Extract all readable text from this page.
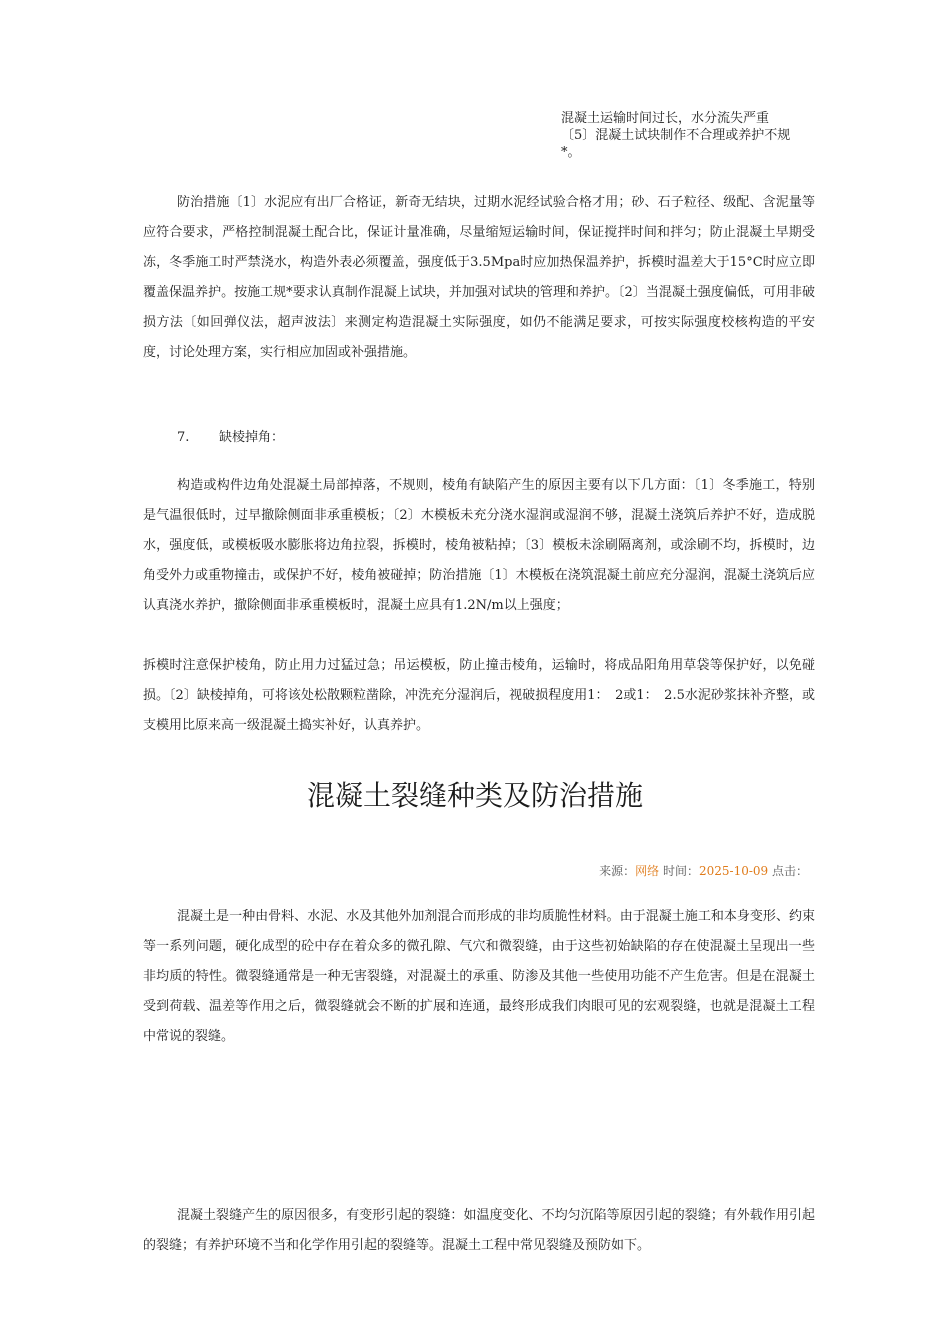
混凝土运输时间过长，水分流失严重
〔5〕混凝土试块制作不合理或养护不规*。

防治措施〔1〕水泥应有出厂合格证，新奇无结块，过期水泥经试验合格才用；砂、石子粒径、级配、含泥量等应符合要求，严格控制混凝土配合比，保证计量准确，尽量缩短运输时间，保证搅拌时间和拌匀；防止混凝土早期受冻，冬季施工时严禁浇水，构造外表必须覆盖，强度低于3.5Mpa时应加热保温养护，拆模时温差大于15°C时应立即覆盖保温养护。按施工规*要求认真制作混凝上试块，并加强对试块的管理和养护。〔2〕当混凝土强度偏低，可用非破损方法〔如回弹仪法，超声波法〕来测定构造混凝土实际强度，如仍不能满足要求，可按实际强度校核构造的平安度，讨论处理方案，实行相应加固或补强措施。

7. 缺棱掉角：

构造或构件边角处混凝土局部掉落，不规则，棱角有缺陷产生的原因主要有以下几方面：〔1〕冬季施工，特别是气温很低时，过早撤除侧面非承重模板；〔2〕木模板未充分浇水湿润或湿润不够，混凝土浇筑后养护不好，造成脱水，强度低，或模板吸水膨胀将边角拉裂，拆模时，棱角被粘掉；〔3〕模板未涂刷隔离剂，或涂刷不均，拆模时，边角受外力或重物撞击，或保护不好，棱角被碰掉；防治措施〔1〕木模板在浇筑混凝土前应充分湿润，混凝土浇筑后应认真浇水养护，撤除侧面非承重模板时，混凝土应具有1.2N/m以上强度；

拆模时注意保护棱角，防止用力过猛过急；吊运模板，防止撞击棱角，运输时，将成品阳角用草袋等保护好，以免碰损。〔2〕缺棱掉角，可将该处松散颗粒凿除，冲洗充分湿润后，视破损程度用1：　2或1：　2.5水泥砂浆抹补齐整，或支模用比原来高一级混凝土捣实补好，认真养护。

混凝土裂缝种类及防治措施
来源：网络 时间：2025-10-09 点击：

混凝土是一种由骨料、水泥、水及其他外加剂混合而形成的非均质脆性材料。由于混凝土施工和本身变形、约束等一系列问题，硬化成型的砼中存在着众多的微孔隙、气穴和微裂缝，由于这些初始缺陷的存在使混凝土呈现出一些非均质的特性。微裂缝通常是一种无害裂缝，对混凝土的承重、防渗及其他一些使用功能不产生危害。但是在混凝土受到荷载、温差等作用之后，微裂缝就会不断的扩展和连通，最终形成我们肉眼可见的宏观裂缝，也就是混凝土工程中常说的裂缝。

混凝土裂缝产生的原因很多，有变形引起的裂缝：如温度变化、不均匀沉陷等原因引起的裂缝；有外载作用引起的裂缝；有养护环境不当和化学作用引起的裂缝等。混凝土工程中常见裂缝及预防如下。
